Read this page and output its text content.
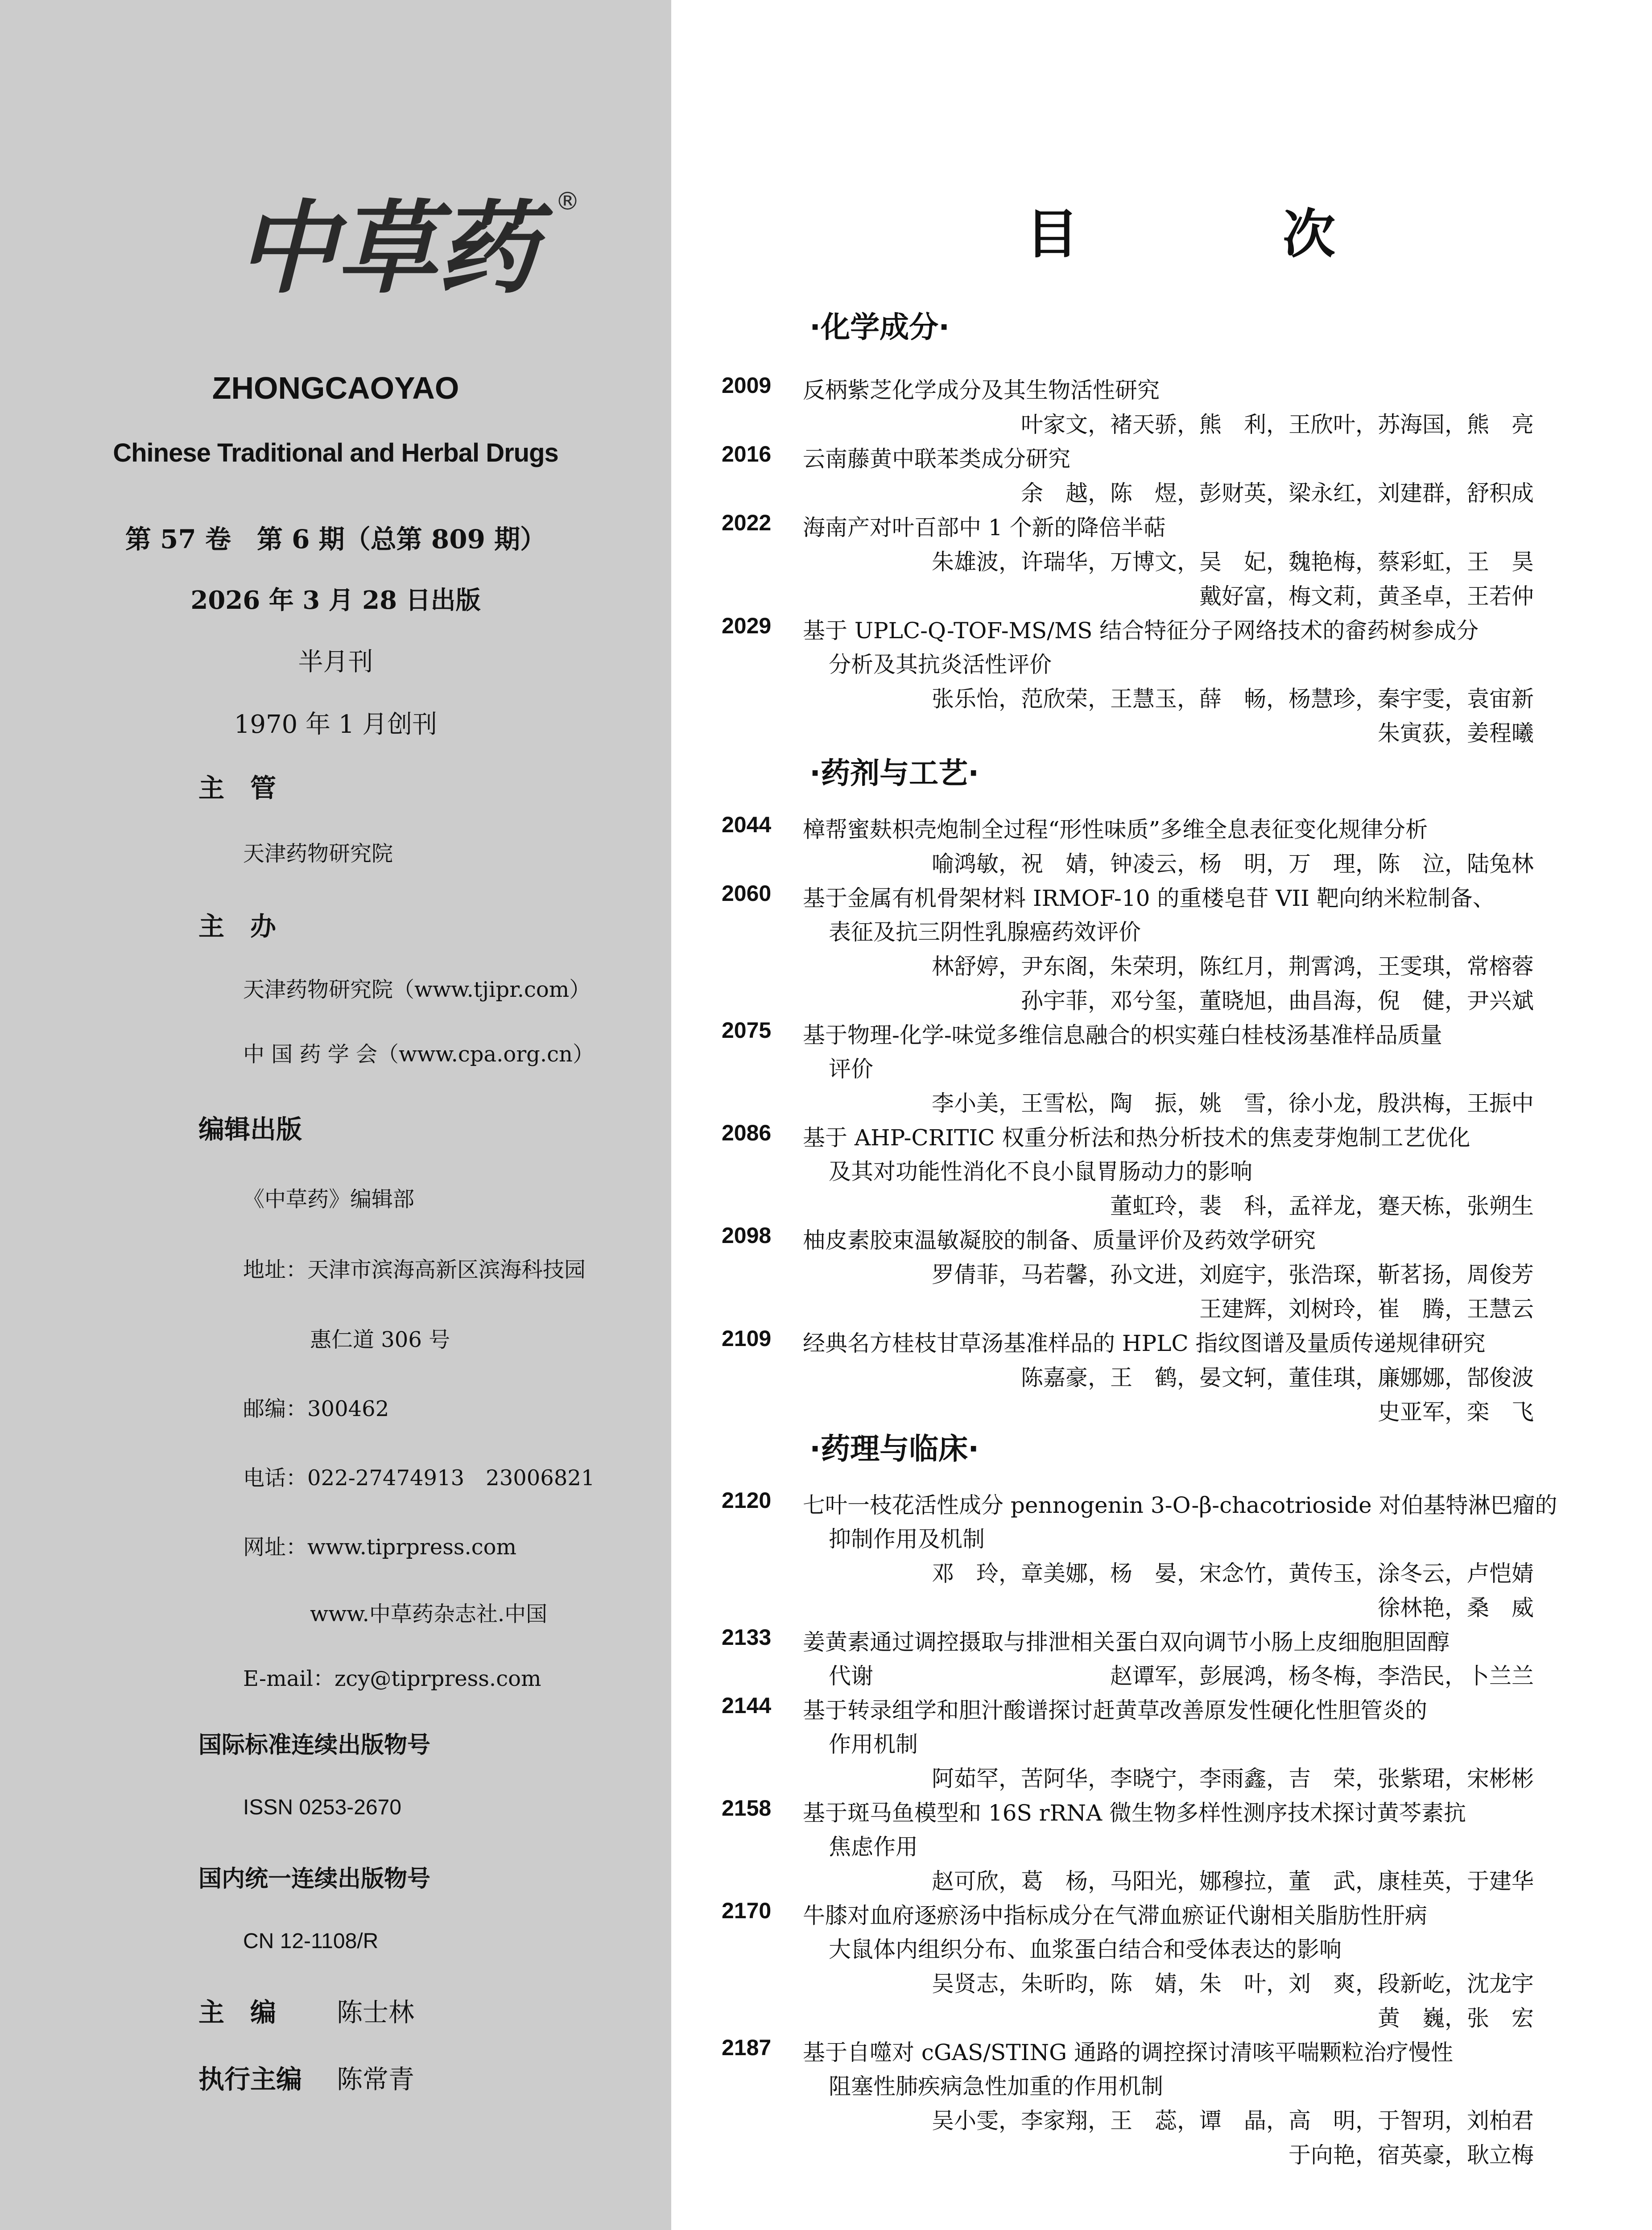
中草药 ®
ZHONGCAOYAO
Chinese Traditional and Herbal Drugs
第 57 卷　第 6 期（总第 809 期）
2026 年 3 月 28 日出版
半月刊
1970 年 1 月创刊
主　管
天津药物研究院
主　办
天津药物研究院（www.tjipr.com）
中 国 药 学 会（www.cpa.org.cn）
编辑出版
《中草药》编辑部
地址：天津市滨海高新区滨海科技园
惠仁道 306 号
邮编：300462
电话：022-27474913　23006821
网址：www.tiprpress.com
www.中草药杂志社.中国
E-mail：zcy@tiprpress.com
国际标准连续出版物号
ISSN 0253-2670
国内统一连续出版物号
CN 12-1108/R
主　编 陈士林
执行主编 陈常青
目　次
·化学成分·
2009 反柄紫芝化学成分及其生物活性研究
叶家文，褚天骄，熊　利，王欣叶，苏海国，熊　亮
2016 云南藤黄中联苯类成分研究
余　越，陈　煜，彭财英，梁永红，刘建群，舒积成
2022 海南产对叶百部中 1 个新的降倍半萜
朱雄波，许瑞华，万博文，吴　妃，魏艳梅，蔡彩虹，王　昊
戴好富，梅文莉，黄圣卓，王若仲
2029 基于 UPLC-Q-TOF-MS/MS 结合特征分子网络技术的畲药树参成分
分析及其抗炎活性评价
张乐怡，范欣荣，王慧玉，薛　畅，杨慧珍，秦宇雯，袁宙新
朱寅荻，姜程曦
·药剂与工艺·
2044 樟帮蜜麸枳壳炮制全过程“形性味质”多维全息表征变化规律分析
喻鸿敏，祝　婧，钟凌云，杨　明，万　理，陈　泣，陆兔林
2060 基于金属有机骨架材料 IRMOF-10 的重楼皂苷 VII 靶向纳米粒制备、
表征及抗三阴性乳腺癌药效评价
林舒婷，尹东阁，朱荣玥，陈红月，荆霄鸿，王雯琪，常榕蓉
孙宇菲，邓兮玺，董晓旭，曲昌海，倪　健，尹兴斌
2075 基于物理-化学-味觉多维信息融合的枳实薤白桂枝汤基准样品质量
评价
李小美，王雪松，陶　振，姚　雪，徐小龙，殷洪梅，王振中
2086 基于 AHP-CRITIC 权重分析法和热分析技术的焦麦芽炮制工艺优化
及其对功能性消化不良小鼠胃肠动力的影响
董虹玲，裴　科，孟祥龙，蹇天栋，张朔生
2098 柚皮素胶束温敏凝胶的制备、质量评价及药效学研究
罗倩菲，马若馨，孙文进，刘庭宇，张浩琛，靳茗扬，周俊芳
王建辉，刘树玲，崔　腾，王慧云
2109 经典名方桂枝甘草汤基准样品的 HPLC 指纹图谱及量质传递规律研究
陈嘉豪，王　鹤，晏文轲，董佳琪，廉娜娜，郜俊波
史亚军，栾　飞
·药理与临床·
2120 七叶一枝花活性成分 pennogenin 3-O-β-chacotrioside 对伯基特淋巴瘤的
抑制作用及机制
邓　玲，章美娜，杨　晏，宋念竹，黄传玉，涂冬云，卢恺婧
徐林艳，桑　威
2133 姜黄素通过调控摄取与排泄相关蛋白双向调节小肠上皮细胞胆固醇
代谢	赵谭军，彭展鸿，杨冬梅，李浩民，卜兰兰
2144 基于转录组学和胆汁酸谱探讨赶黄草改善原发性硬化性胆管炎的
作用机制
阿茹罕，苦阿华，李晓宁，李雨鑫，吉　荣，张紫珺，宋彬彬
2158 基于斑马鱼模型和 16S rRNA 微生物多样性测序技术探讨黄芩素抗
焦虑作用
赵可欣，葛　杨，马阳光，娜穆拉，董　武，康桂英，于建华
2170 牛膝对血府逐瘀汤中指标成分在气滞血瘀证代谢相关脂肪性肝病
大鼠体内组织分布、血浆蛋白结合和受体表达的影响
吴贤志，朱昕昀，陈　婧，朱　叶，刘　爽，段新屹，沈龙宇
黄　巍，张　宏
2187 基于自噬对 cGAS/STING 通路的调控探讨清咳平喘颗粒治疗慢性
阻塞性肺疾病急性加重的作用机制
吴小雯，李家翔，王　蕊，谭　晶，高　明，于智玥，刘柏君
于向艳，宿英豪，耿立梅
